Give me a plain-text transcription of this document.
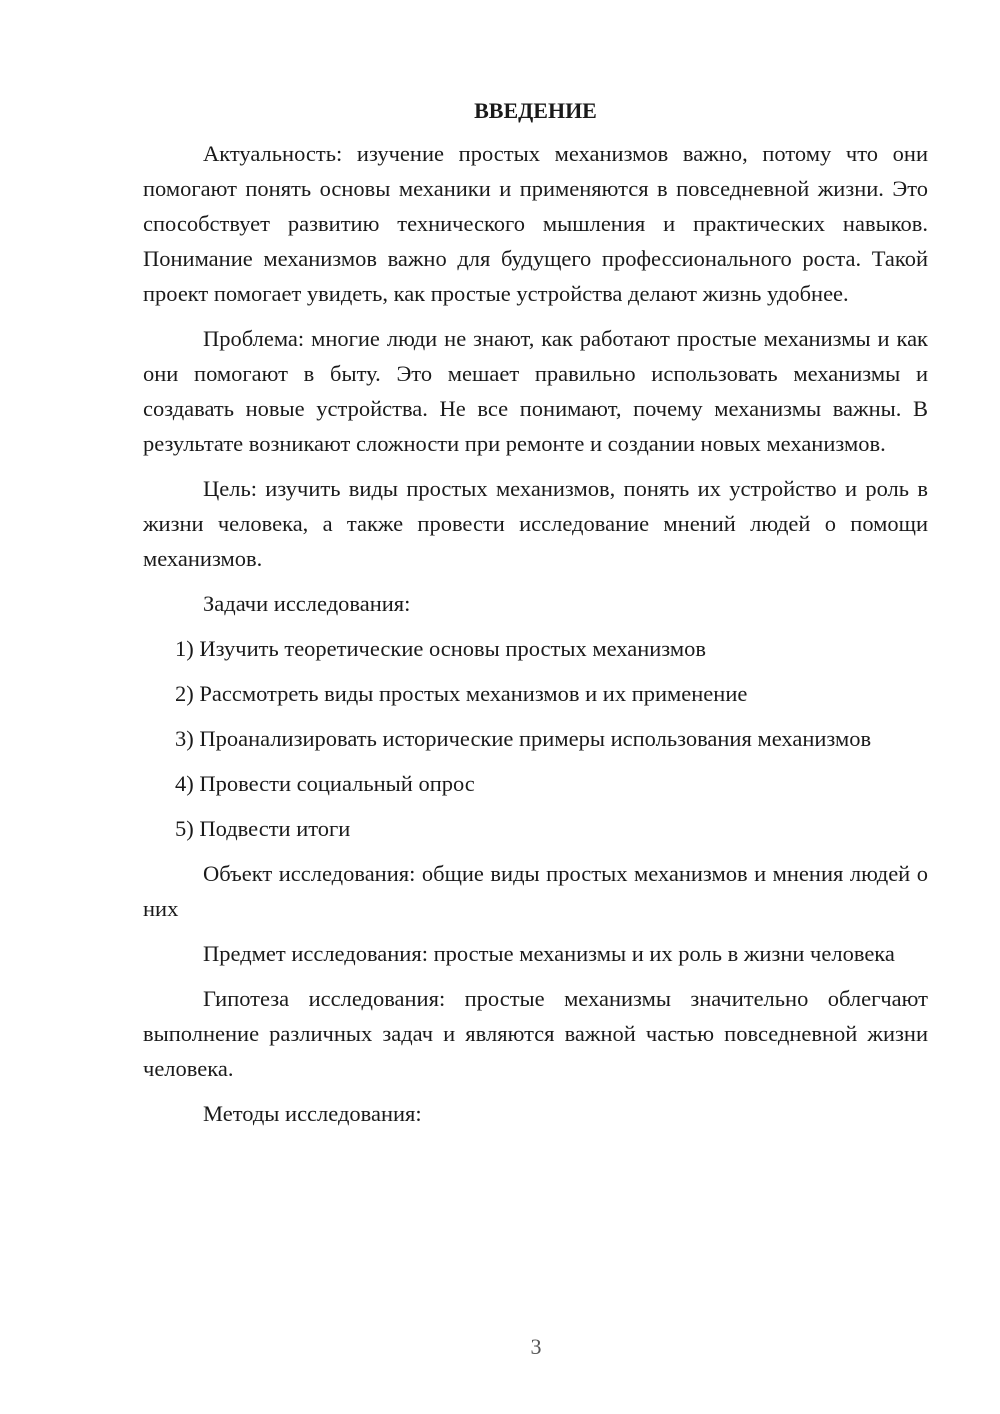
ВВЕДЕНИЕ

Актуальность: изучение простых механизмов важно, потому что они помогают понять основы механики и применяются в повседневной жизни. Это способствует развитию технического мышления и практических навыков. Понимание механизмов важно для будущего профессионального роста. Такой проект помогает увидеть, как простые устройства делают жизнь удобнее.

Проблема: многие люди не знают, как работают простые механизмы и как они помогают в быту. Это мешает правильно использовать механизмы и создавать новые устройства. Не все понимают, почему механизмы важны. В результате возникают сложности при ремонте и создании новых механизмов.

Цель: изучить виды простых механизмов, понять их устройство и роль в жизни человека, а также провести исследование мнений людей о помощи механизмов.

Задачи исследования:

1) Изучить теоретические основы простых механизмов

2) Рассмотреть виды простых механизмов и их применение

3) Проанализировать исторические примеры использования механизмов

4) Провести социальный опрос

5) Подвести итоги

Объект исследования: общие виды простых механизмов и мнения людей о них

Предмет исследования: простые механизмы и их роль в жизни человека

Гипотеза исследования: простые механизмы значительно облегчают выполнение различных задач и являются важной частью повседневной жизни человека.

Методы исследования:

3
